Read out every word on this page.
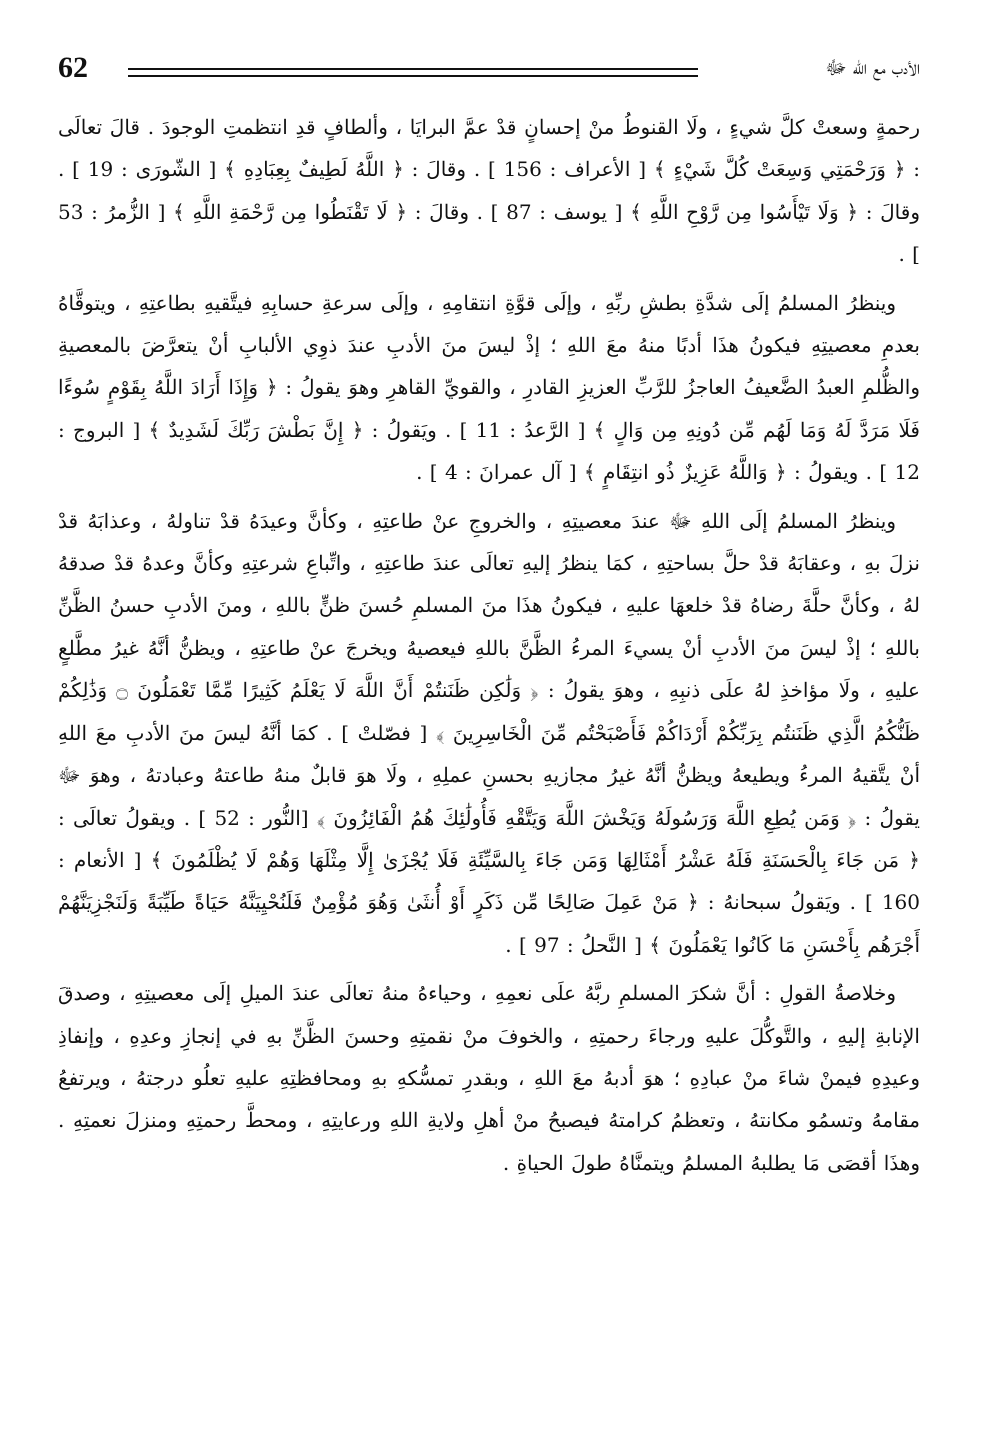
62	الأدب مع الله ﷻ

رحمةٍ وسعتْ كلَّ شيءٍ ، ولَا القنوطُ منْ إحسانٍ قدْ عمَّ البرايَا ، وألطافٍ قدِ انتظمتِ الوجودَ . قالَ تعالَى : ﴿ وَرَحْمَتِي وَسِعَتْ كُلَّ شَيْءٍ ﴾ [ الأعراف : 156 ] . وقالَ : ﴿ اللَّهُ لَطِيفٌ بِعِبَادِهِ ﴾ [ الشّورَى : 19 ] . وقالَ : ﴿ وَلَا تَيْأَسُوا مِن رَّوْحِ اللَّهِ ﴾ [ يوسف : 87 ] . وقالَ : ﴿ لَا تَقْنَطُوا مِن رَّحْمَةِ اللَّهِ ﴾ [ الزُّمرُ : 53 ] .

وينظرُ المسلمُ إلَى شدَّةِ بطشِ ربِّهِ ، وإلَى قوَّةِ انتقامِهِ ، وإلَى سرعةِ حسابِهِ فيتَّقيهِ بطاعتِهِ ، ويتوقَّاهُ بعدمِ معصيتِهِ فيكونُ هذَا أدبًا منهُ معَ اللهِ ؛ إذْ ليسَ منَ الأدبِ عندَ ذوِي الألبابِ أنْ يتعرَّضَ بالمعصيةِ والظُّلمِ العبدُ الضَّعيفُ العاجزُ للرَّبِّ العزيزِ القادرِ ، والقويِّ القاهرِ وهوَ يقولُ : ﴿ وَإِذَا أَرَادَ اللَّهُ بِقَوْمٍ سُوءًا فَلَا مَرَدَّ لَهُ وَمَا لَهُم مِّن دُونِهِ مِن وَالٍ ﴾ [ الرَّعدُ : 11 ] . ويَقولُ : ﴿ إِنَّ بَطْشَ رَبِّكَ لَشَدِيدٌ ﴾ [ البروج : 12 ] . ويقولُ : ﴿ وَاللَّهُ عَزِيزٌ ذُو انتِقَامٍ ﴾ [ آل عمرانَ : 4 ] .

وينظرُ المسلمُ إلَى اللهِ ﷻ عندَ معصيتِهِ ، والخروجِ عنْ طاعتِهِ ، وكأنَّ وعيدَهُ قدْ تناولهُ ، وعذابَهُ قدْ نزلَ بهِ ، وعقابَهُ قدْ حلَّ بساحتِهِ ، كمَا ينظرُ إليهِ تعالَى عندَ طاعتِهِ ، واتِّباعِ شرعتِهِ وكأنَّ وعدهُ قدْ صدقهُ لهُ ، وكأنَّ حلَّةَ رضاهُ قدْ خلعهَا عليهِ ، فيكونُ هذَا منَ المسلمِ حُسنَ ظنٍّ باللهِ ، ومنَ الأدبِ حسنُ الظَّنِّ باللهِ ؛ إذْ ليسَ منَ الأدبِ أنْ يسيءَ المرءُ الظَّنَّ باللهِ فيعصيهُ ويخرجَ عنْ طاعتِهِ ، ويظنُّ أنَّهُ غيرُ مطَّلعٍ عليهِ ، ولَا مؤاخذِ لهُ علَى ذنبِهِ ، وهوَ يقولُ : ﴿ وَلَٰكِن ظَنَنتُمْ أَنَّ اللَّهَ لَا يَعْلَمُ كَثِيرًا مِّمَّا تَعْمَلُونَ ۝ وَذَٰلِكُمْ ظَنُّكُمُ الَّذِي ظَنَنتُم بِرَبِّكُمْ أَرْدَاكُمْ فَأَصْبَحْتُم مِّنَ الْخَاسِرِينَ ﴾ [ فصّلتْ ] . كمَا أنَّهُ ليسَ منَ الأدبِ معَ اللهِ أنْ يتَّقيهُ المرءُ ويطيعهُ ويظنُّ أنَّهُ غيرُ مجازيهِ بحسنِ عملِهِ ، ولَا هوَ قابلٌ منهُ طاعتهُ وعبادتهُ ، وهوَ ﷻ يقولُ : ﴿ وَمَن يُطِعِ اللَّهَ وَرَسُولَهُ وَيَخْشَ اللَّهَ وَيَتَّقْهِ فَأُولَٰئِكَ هُمُ الْفَائِزُونَ ﴾ [النُّور : 52 ] . ويقولُ تعالَى : ﴿ مَن جَاءَ بِالْحَسَنَةِ فَلَهُ عَشْرُ أَمْثَالِهَا وَمَن جَاءَ بِالسَّيِّئَةِ فَلَا يُجْزَىٰ إِلَّا مِثْلَهَا وَهُمْ لَا يُظْلَمُونَ ﴾ [ الأنعام : 160 ] . ويَقولُ سبحانهُ : ﴿ مَنْ عَمِلَ صَالِحًا مِّن ذَكَرٍ أَوْ أُنثَىٰ وَهُوَ مُؤْمِنٌ فَلَنُحْيِيَنَّهُ حَيَاةً طَيِّبَةً وَلَنَجْزِيَنَّهُمْ أَجْرَهُم بِأَحْسَنِ مَا كَانُوا يَعْمَلُونَ ﴾ [ النَّحلُ : 97 ] .

وخلاصةُ القولِ : أنَّ شكرَ المسلمِ ربَّهُ علَى نعمِهِ ، وحياءهُ منهُ تعالَى عندَ الميلِ إلَى معصيتِهِ ، وصدقَ الإنابةِ إليهِ ، والتَّوكُّلَ عليهِ ورجاءَ رحمتِهِ ، والخوفَ منْ نقمتِهِ وحسنَ الظَّنِّ بهِ في إنجازِ وعدِهِ ، وإنفاذِ وعيدِهِ فيمنْ شاءَ منْ عبادِهِ ؛ هوَ أدبهُ معَ اللهِ ، وبقدرِ تمسُّكهِ بهِ ومحافظتِهِ عليهِ تعلُو درجتهُ ، ويرتفعُ مقامهُ وتسمُو مكانتهُ ، وتعظمُ كرامتهُ فيصبحُ منْ أهلِ ولايةِ اللهِ ورعايتِهِ ، ومحطَّ رحمتِهِ ومنزلَ نعمتِهِ . وهذَا أقصَى مَا يطلبهُ المسلمُ ويتمنَّاهُ طولَ الحياةِ .
